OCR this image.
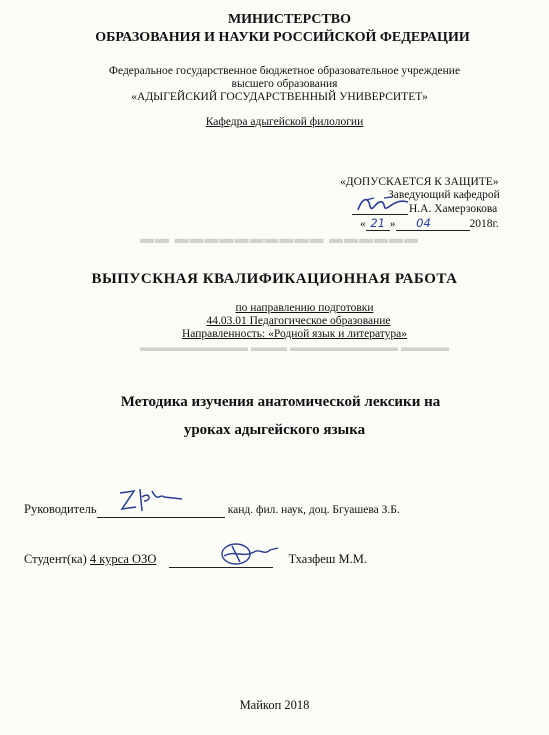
▬▬ ▬▬▬▬▬▬▬▬▬▬ ▬▬▬▬▬▬
▬▬▬▬▬▬▬▬▬ ▬▬▬ ▬▬▬▬▬▬▬▬▬ ▬▬▬▬
МИНИСТЕРСТВО
ОБРАЗОВАНИЯ И НАУКИ РОССИЙСКОЙ ФЕДЕРАЦИИ
Федеральное государственное бюджетное образовательное учреждение
высшего образования
«АДЫГЕЙСКИЙ ГОСУДАРСТВЕННЫЙ УНИВЕРСИТЕТ»
Кафедра адыгейской филологии
«ДОПУСКАЕТСЯ К ЗАЩИТЕ»
Заведующий кафедрой
Н.А. Хамерзокова
« 21 » 04	2018г.
ВЫПУСКНАЯ КВАЛИФИКАЦИОННАЯ РАБОТА
по направлению подготовки
44.03.01 Педагогическое образование
Направленность: «Родной язык и литература»
Методика изучения анатомической лексики на
уроках адыгейского языка
Руководитель	канд. фил. наук, доц. Бгуашева З.Б.
Студент(ка) 4 курса ОЗО	Тхазфеш М.М.
Майкоп 2018
